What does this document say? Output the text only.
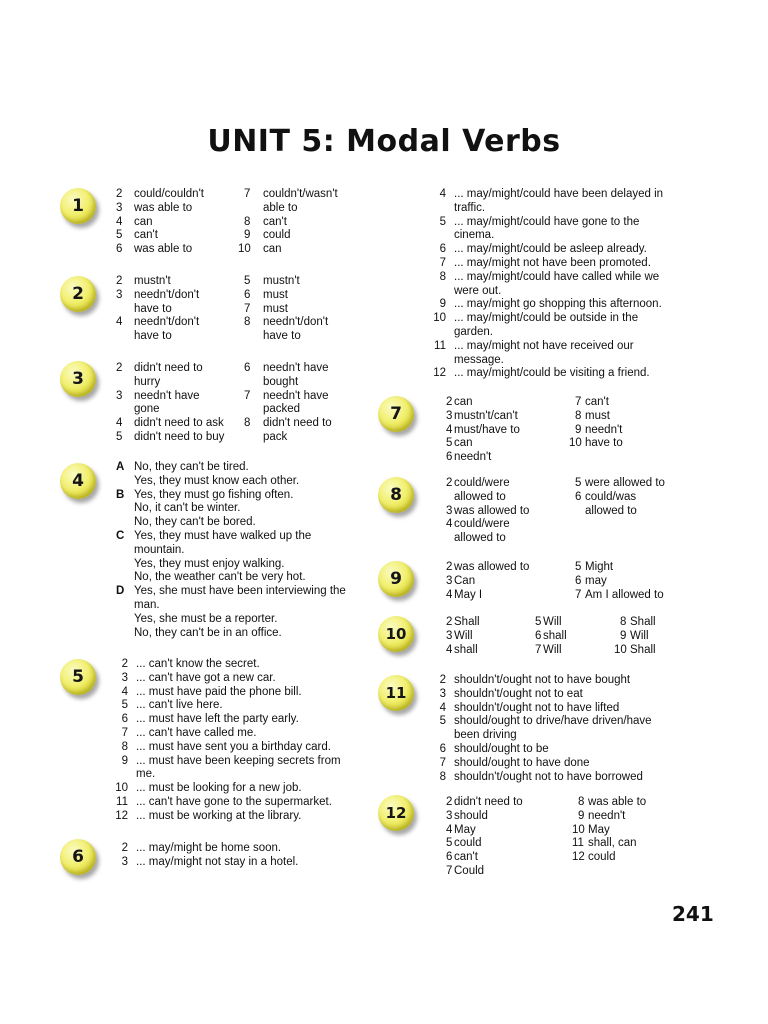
UNIT 5: Modal Verbs
1
2 could/couldn't
3 was able to
4 can
5 can't
6 was able to
7 couldn't/wasn't
able to
8 can't
9 could
10 can
2
2 mustn't
3 needn't/don't
have to
4 needn't/don't
have to
5 mustn't
6 must
7 must
8 needn't/don't
have to
3
2 didn't need to
hurry
3 needn't have
gone
4 didn't need to ask
5 didn't need to buy
6 needn't have
bought
7 needn't have
packed
8 didn't need to
pack
4
A No, they can't be tired.
Yes, they must know each other.
B Yes, they must go fishing often.
No, it can't be winter.
No, they can't be bored.
C Yes, they must have walked up the
mountain.
Yes, they must enjoy walking.
No, the weather can't be very hot.
D Yes, she must have been interviewing the
man.
Yes, she must be a reporter.
No, they can't be in an office.
5
2 ... can't know the secret.
3 ... can't have got a new car.
4 ... must have paid the phone bill.
5 ... can't live here.
6 ... must have left the party early.
7 ... can't have called me.
8 ... must have sent you a birthday card.
9 ... must have been keeping secrets from
me.
10 ... must be looking for a new job.
11 ... can't have gone to the supermarket.
12 ... must be working at the library.
6	2 ... may/might be home soon.
3 ... may/might not stay in a hotel.
4 ... may/might/could have been delayed in
traffic.
5 ... may/might/could have gone to the
cinema.
6 ... may/might/could be asleep already.
7 ... may/might not have been promoted.
8 ... may/might/could have called while we
were out.
9 ... may/might go shopping this afternoon.
10 ... may/might/could be outside in the
garden.
11 ... may/might not have received our
message.
12 ... may/might/could be visiting a friend.
7
2 can
3 mustn't/can't
4 must/have to
5 can
6 needn't
7 can't
8 must
9 needn't
10 have to
8
2 could/were
allowed to
3 was allowed to
4 could/were
allowed to
5 were allowed to
6 could/was
allowed to
9
2 was allowed to
3 Can
4 May I
5 Might
6 may
7 Am I allowed to
10
2 Shall
3 Will
4 shall
5 Will
6 shall
7 Will
8 Shall
9 Will
10 Shall
11
2 shouldn't/ought not to have bought
3 shouldn't/ought not to eat
4 shouldn't/ought not to have lifted
5 should/ought to drive/have driven/have
been driving
6 should/ought to be
7 should/ought to have done
8 shouldn't/ought not to have borrowed
12
2 didn't need to
3 should
4 May
5 could
6 can't
7 Could
8 was able to
9 needn't
10 May
11 shall, can
12 could
241
